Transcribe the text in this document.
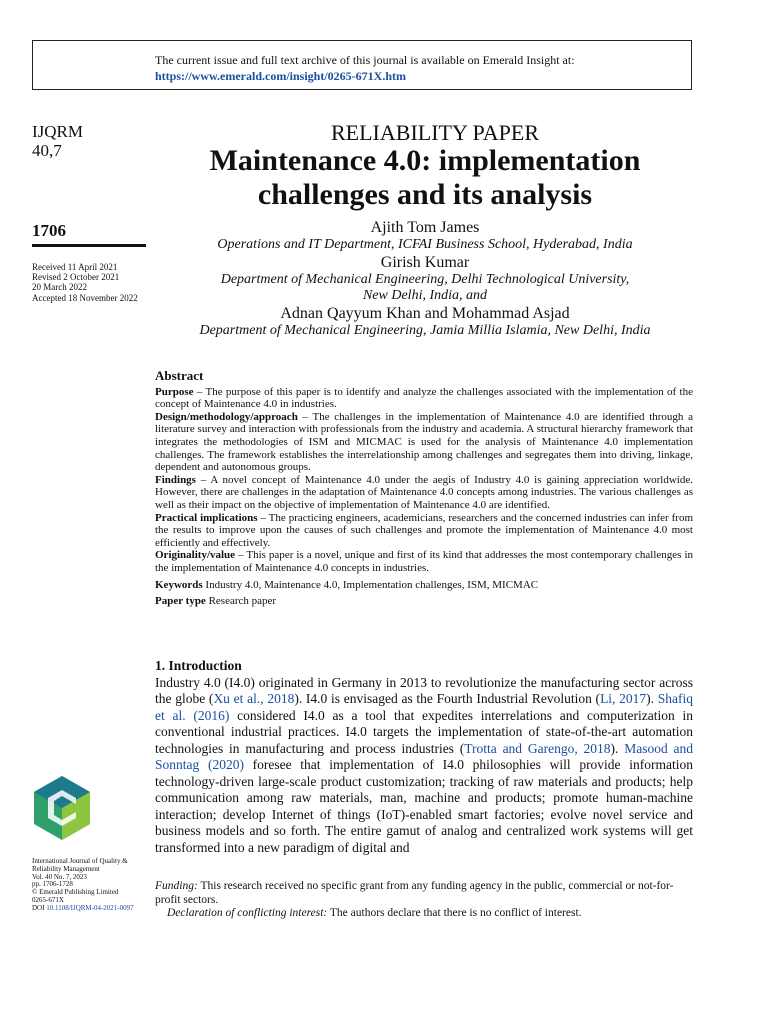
The current issue and full text archive of this journal is available on Emerald Insight at:
https://www.emerald.com/insight/0265-671X.htm
IJQRM
40,7
1706
Received 11 April 2021
Revised 2 October 2021
20 March 2022
Accepted 18 November 2022
RELIABILITY PAPER
Maintenance 4.0: implementation
challenges and its analysis
Ajith Tom James
Operations and IT Department, ICFAI Business School, Hyderabad, India
Girish Kumar
Department of Mechanical Engineering, Delhi Technological University,
New Delhi, India, and
Adnan Qayyum Khan and Mohammad Asjad
Department of Mechanical Engineering, Jamia Millia Islamia, New Delhi, India
Abstract

Purpose – The purpose of this paper is to identify and analyze the challenges associated with the implementation of the concept of Maintenance 4.0 in industries.

Design/methodology/approach – The challenges in the implementation of Maintenance 4.0 are identified through a literature survey and interaction with professionals from the industry and academia. A structural hierarchy framework that integrates the methodologies of ISM and MICMAC is used for the analysis of Maintenance 4.0 implementation challenges. The framework establishes the interrelationship among challenges and segregates them into driving, linkage, dependent and autonomous groups.

Findings – A novel concept of Maintenance 4.0 under the aegis of Industry 4.0 is gaining appreciation worldwide. However, there are challenges in the adaptation of Maintenance 4.0 concepts among industries. The various challenges as well as their impact on the objective of implementation of Maintenance 4.0 are identified.

Practical implications – The practicing engineers, academicians, researchers and the concerned industries can infer from the results to improve upon the causes of such challenges and promote the implementation of Maintenance 4.0 most efficiently and effectively.

Originality/value – This paper is a novel, unique and first of its kind that addresses the most contemporary challenges in the implementation of Maintenance 4.0 concepts in industries.

Keywords Industry 4.0, Maintenance 4.0, Implementation challenges, ISM, MICMAC

Paper type Research paper

1. Introduction

Industry 4.0 (I4.0) originated in Germany in 2013 to revolutionize the manufacturing sector across the globe (Xu et al., 2018). I4.0 is envisaged as the Fourth Industrial Revolution (Li, 2017). Shafiq et al. (2016) considered I4.0 as a tool that expedites interrelations and computerization in conventional industrial practices. I4.0 targets the implementation of state-of-the-art automation technologies in manufacturing and process industries (Trotta and Garengo, 2018). Masood and Sonntag (2020) foresee that implementation of I4.0 philosophies will provide information technology-driven large-scale product customization; tracking of raw materials and products; help communication among raw materials, man, machine and products; promote human-machine interaction; develop Internet of things (IoT)-enabled smart factories; evolve novel service and business models and so forth. The entire gamut of analog and centralized work systems will get transformed into a new paradigm of digital and

International Journal of Quality &
Reliability Management
Vol. 40 No. 7, 2023
pp. 1706-1728
© Emerald Publishing Limited
0265-671X
DOI 10.1108/IJQRM-04-2021-0097

Funding: This research received no specific grant from any funding agency in the public, commercial or not-for-profit sectors.

Declaration of conflicting interest: The authors declare that there is no conflict of interest.
